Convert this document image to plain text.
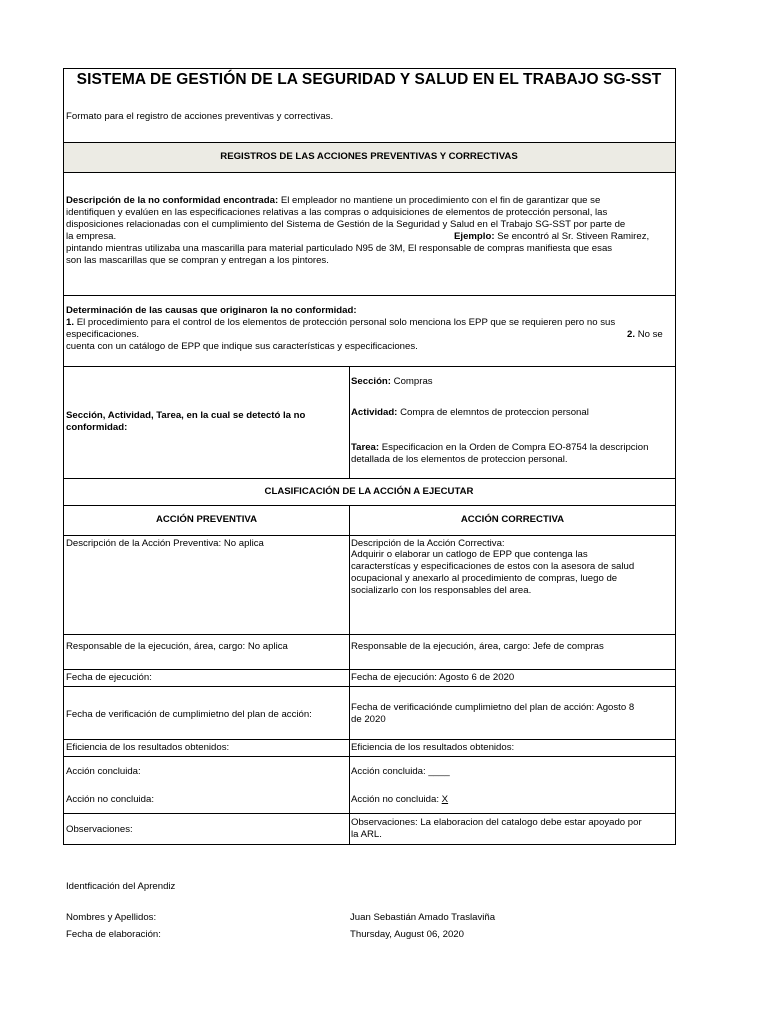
SISTEMA DE GESTIÓN DE LA SEGURIDAD Y SALUD EN EL TRABAJO SG-SST
Formato para el registro de acciones preventivas y correctivas.
REGISTROS DE LAS ACCIONES PREVENTIVAS Y CORRECTIVAS
Descripción de la no conformidad encontrada: El empleador no mantiene un procedimiento con el fin de garantizar que se
identifiquen y evalúen en las especificaciones relativas a las compras o adquisiciones de elementos de protección personal, las
disposiciones relacionadas con el cumplimiento del Sistema de Gestión de la Seguridad y Salud en el Trabajo SG-SST por parte de
la empresa.	Ejemplo: Se encontró al Sr. Stiveen Ramirez,
pintando mientras utilizaba una mascarilla para material particulado N95 de 3M, El responsable de compras manifiesta que esas
son las mascarillas que se compran y entregan a los pintores.
Determinación de las causas que originaron la no conformidad:
1. El procedimiento para el control de los elementos de protección personal solo menciona los EPP que se requieren pero no sus
especificaciones.	2. No se
cuenta con un catálogo de EPP que indique sus características y especificaciones.
Sección, Actividad, Tarea, en la cual se detectó la no
conformidad:
Sección: Compras
Actividad: Compra de elemntos de proteccion personal
Tarea: Especificacion en la Orden de Compra EO-8754 la descripcion
detallada de los elementos de proteccion personal.
CLASIFICACIÓN DE LA ACCIÓN A EJECUTAR
ACCIÓN PREVENTIVA	ACCIÓN CORRECTIVA
Descripción de la Acción Preventiva: No aplica	Descripción de la Acción Correctiva:
Adquirir o elaborar un catlogo de EPP que contenga las
caracterstícas y especificaciones de estos con la asesora de salud
ocupacional y anexarlo al procedimiento de compras, luego de
socializarlo con los responsables del area.
Responsable de la ejecución, área, cargo: No aplica	Responsable de la ejecución, área, cargo: Jefe de compras
Fecha de ejecución:	Fecha de ejecución: Agosto 6 de 2020
Fecha de verificación de cumplimietno del plan de acción:
Fecha de verificaciónde cumplimietno del plan de acción: Agosto 8
de 2020
Eficiencia de los resultados obtenidos:	Eficiencia de los resultados obtenidos:
Acción concluida:	Acción concluida: ____
Acción no concluida:	Acción no concluida: X
Observaciones:
Observaciones: La elaboracion del catalogo debe estar apoyado por
la ARL.
Identficación del Aprendiz
Nombres y Apellidos:	Juan Sebastián Amado Traslaviña
Fecha de elaboración:	Thursday, August 06, 2020
